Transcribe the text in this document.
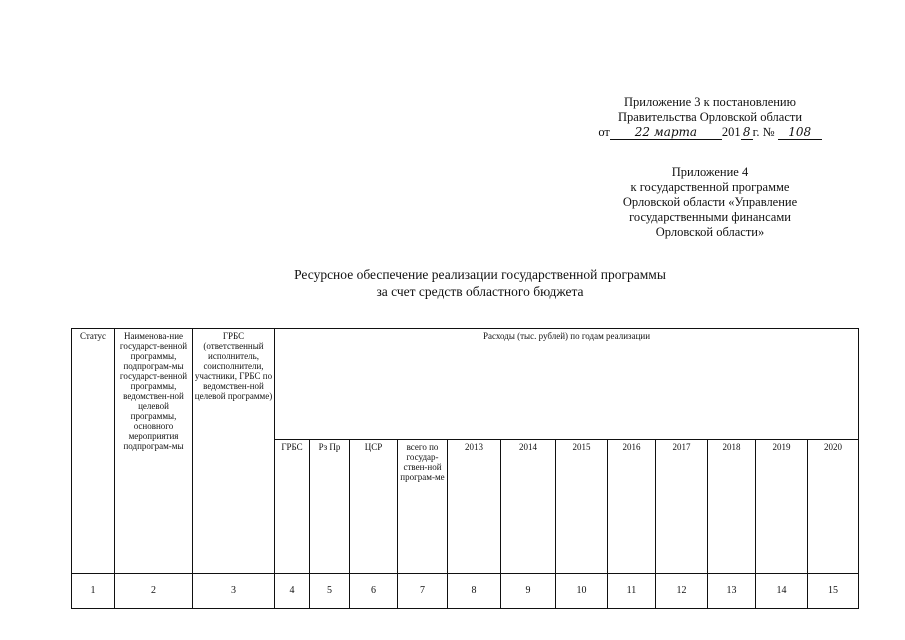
Приложение 3 к постановлению
Правительства Орловской области
от 22 марта 201 8 г. № 108
Приложение 4
к государственной программе
Орловской области «Управление
государственными финансами
Орловской области»
Ресурсное обеспечение реализации государственной программы
за счет средств областного бюджета
Статус	Наименова-ние государст-венной программы, подпрограм-мы государст-венной программы, ведомствен-ной целевой программы, основного мероприятия подпрограм-мы	ГРБС (ответственный исполнитель, соисполнители, участники, ГРБС по ведомствен-ной целевой программе)	Расходы (тыс. рублей) по годам реализации											
			ГРБС	Рз Пр	ЦСР	всего по государ-ствен-ной програм-ме	2013	2014	2015	2016	2017	2018	2019	2020
1	2	3	4	5	6	7	8	9	10	11	12	13	14	15
